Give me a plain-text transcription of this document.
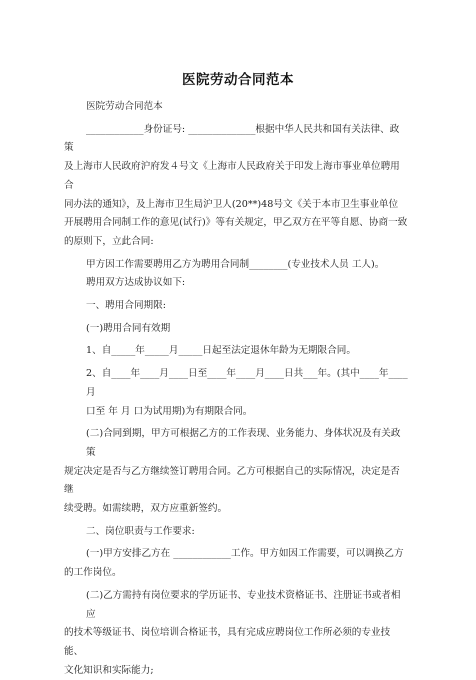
医院劳动合同范本

医院劳动合同范本

____________身份证号: ______________根据中华人民共和国有关法律、政策

及上海市人民政府沪府发４号文《上海市人民政府关于印发上海市事业单位聘用合

同办法的通知》，及上海市卫生局沪卫人(20**)48号文《关于本市卫生事业单位

开展聘用合同制工作的意见(试行)》等有关规定，甲乙双方在平等自愿、协商一致

的原则下，立此合同:

甲方因工作需要聘用乙方为聘用合同制________(专业技术人员 工人)。

聘用双方达成协议如下:

一、聘用合同期限:

(一)聘用合同有效期

1、自_____年_____月_____日起至法定退休年龄为无期限合同。

2、自____年____月____日至____年____月____日共___年。(其中____年____月

口至 年 月 口为试用期)为有期限合同。

(二)合同到期，甲方可根据乙方的工作表现、业务能力、身体状况及有关政策

规定决定是否与乙方继续签订聘用合同。乙方可根据自己的实际情况，决定是否继

续受聘。如需续聘，双方应重新签约。

二、岗位职责与工作要求:

(一)甲方安排乙方在 ____________工作。甲方如因工作需要，可以调换乙方

的工作岗位。

(二)乙方需持有岗位要求的学历证书、专业技术资格证书、注册证书或者相应

的技术等级证书、岗位培训合格证书，具有完成应聘岗位工作所必须的专业技能、

文化知识和实际能力;
